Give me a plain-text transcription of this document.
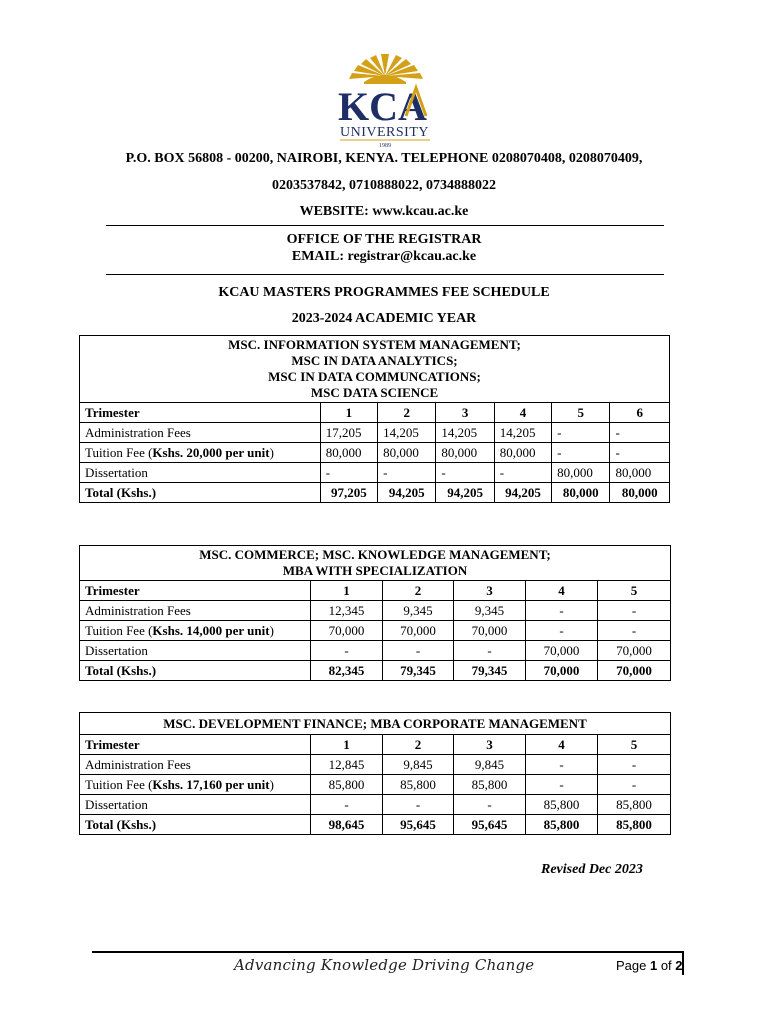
KCA
UNIVERSITY
1989
P.O. BOX 56808 - 00200, NAIROBI, KENYA. TELEPHONE 0208070408, 0208070409,
0203537842, 0710888022, 0734888022
WEBSITE: www.kcau.ac.ke
OFFICE OF THE REGISTRAR
EMAIL: registrar@kcau.ac.ke
KCAU MASTERS PROGRAMMES FEE SCHEDULE
2023-2024 ACADEMIC YEAR
MSC. INFORMATION SYSTEM MANAGEMENT;
MSC IN DATA ANALYTICS;
MSC IN DATA COMMUNCATIONS;
MSC DATA SCIENCE						

Trimester	1	2	3	4	5	6
Administration Fees	17,205	14,205	14,205	14,205	-	-
Tuition Fee (Kshs. 20,000 per unit)	80,000	80,000	80,000	80,000	-	-
Dissertation	-	-	-	-	80,000	80,000
Total (Kshs.)	97,205	94,205	94,205	94,205	80,000	80,000
MSC. COMMERCE; MSC. KNOWLEDGE MANAGEMENT;
MBA WITH SPECIALIZATION					

Trimester	1	2	3	4	5
Administration Fees	12,345	9,345	9,345	-	-
Tuition Fee (Kshs. 14,000 per unit)	70,000	70,000	70,000	-	-
Dissertation	-	-	-	70,000	70,000
Total (Kshs.)	82,345	79,345	79,345	70,000	70,000
MSC. DEVELOPMENT FINANCE; MBA CORPORATE MANAGEMENT					

Trimester	1	2	3	4	5
Administration Fees	12,845	9,845	9,845	-	-
Tuition Fee (Kshs. 17,160 per unit)	85,800	85,800	85,800	-	-
Dissertation	-	-	-	85,800	85,800
Total (Kshs.)	98,645	95,645	95,645	85,800	85,800
Revised Dec 2023
Advancing Knowledge Driving Change	Page 1 of 2
